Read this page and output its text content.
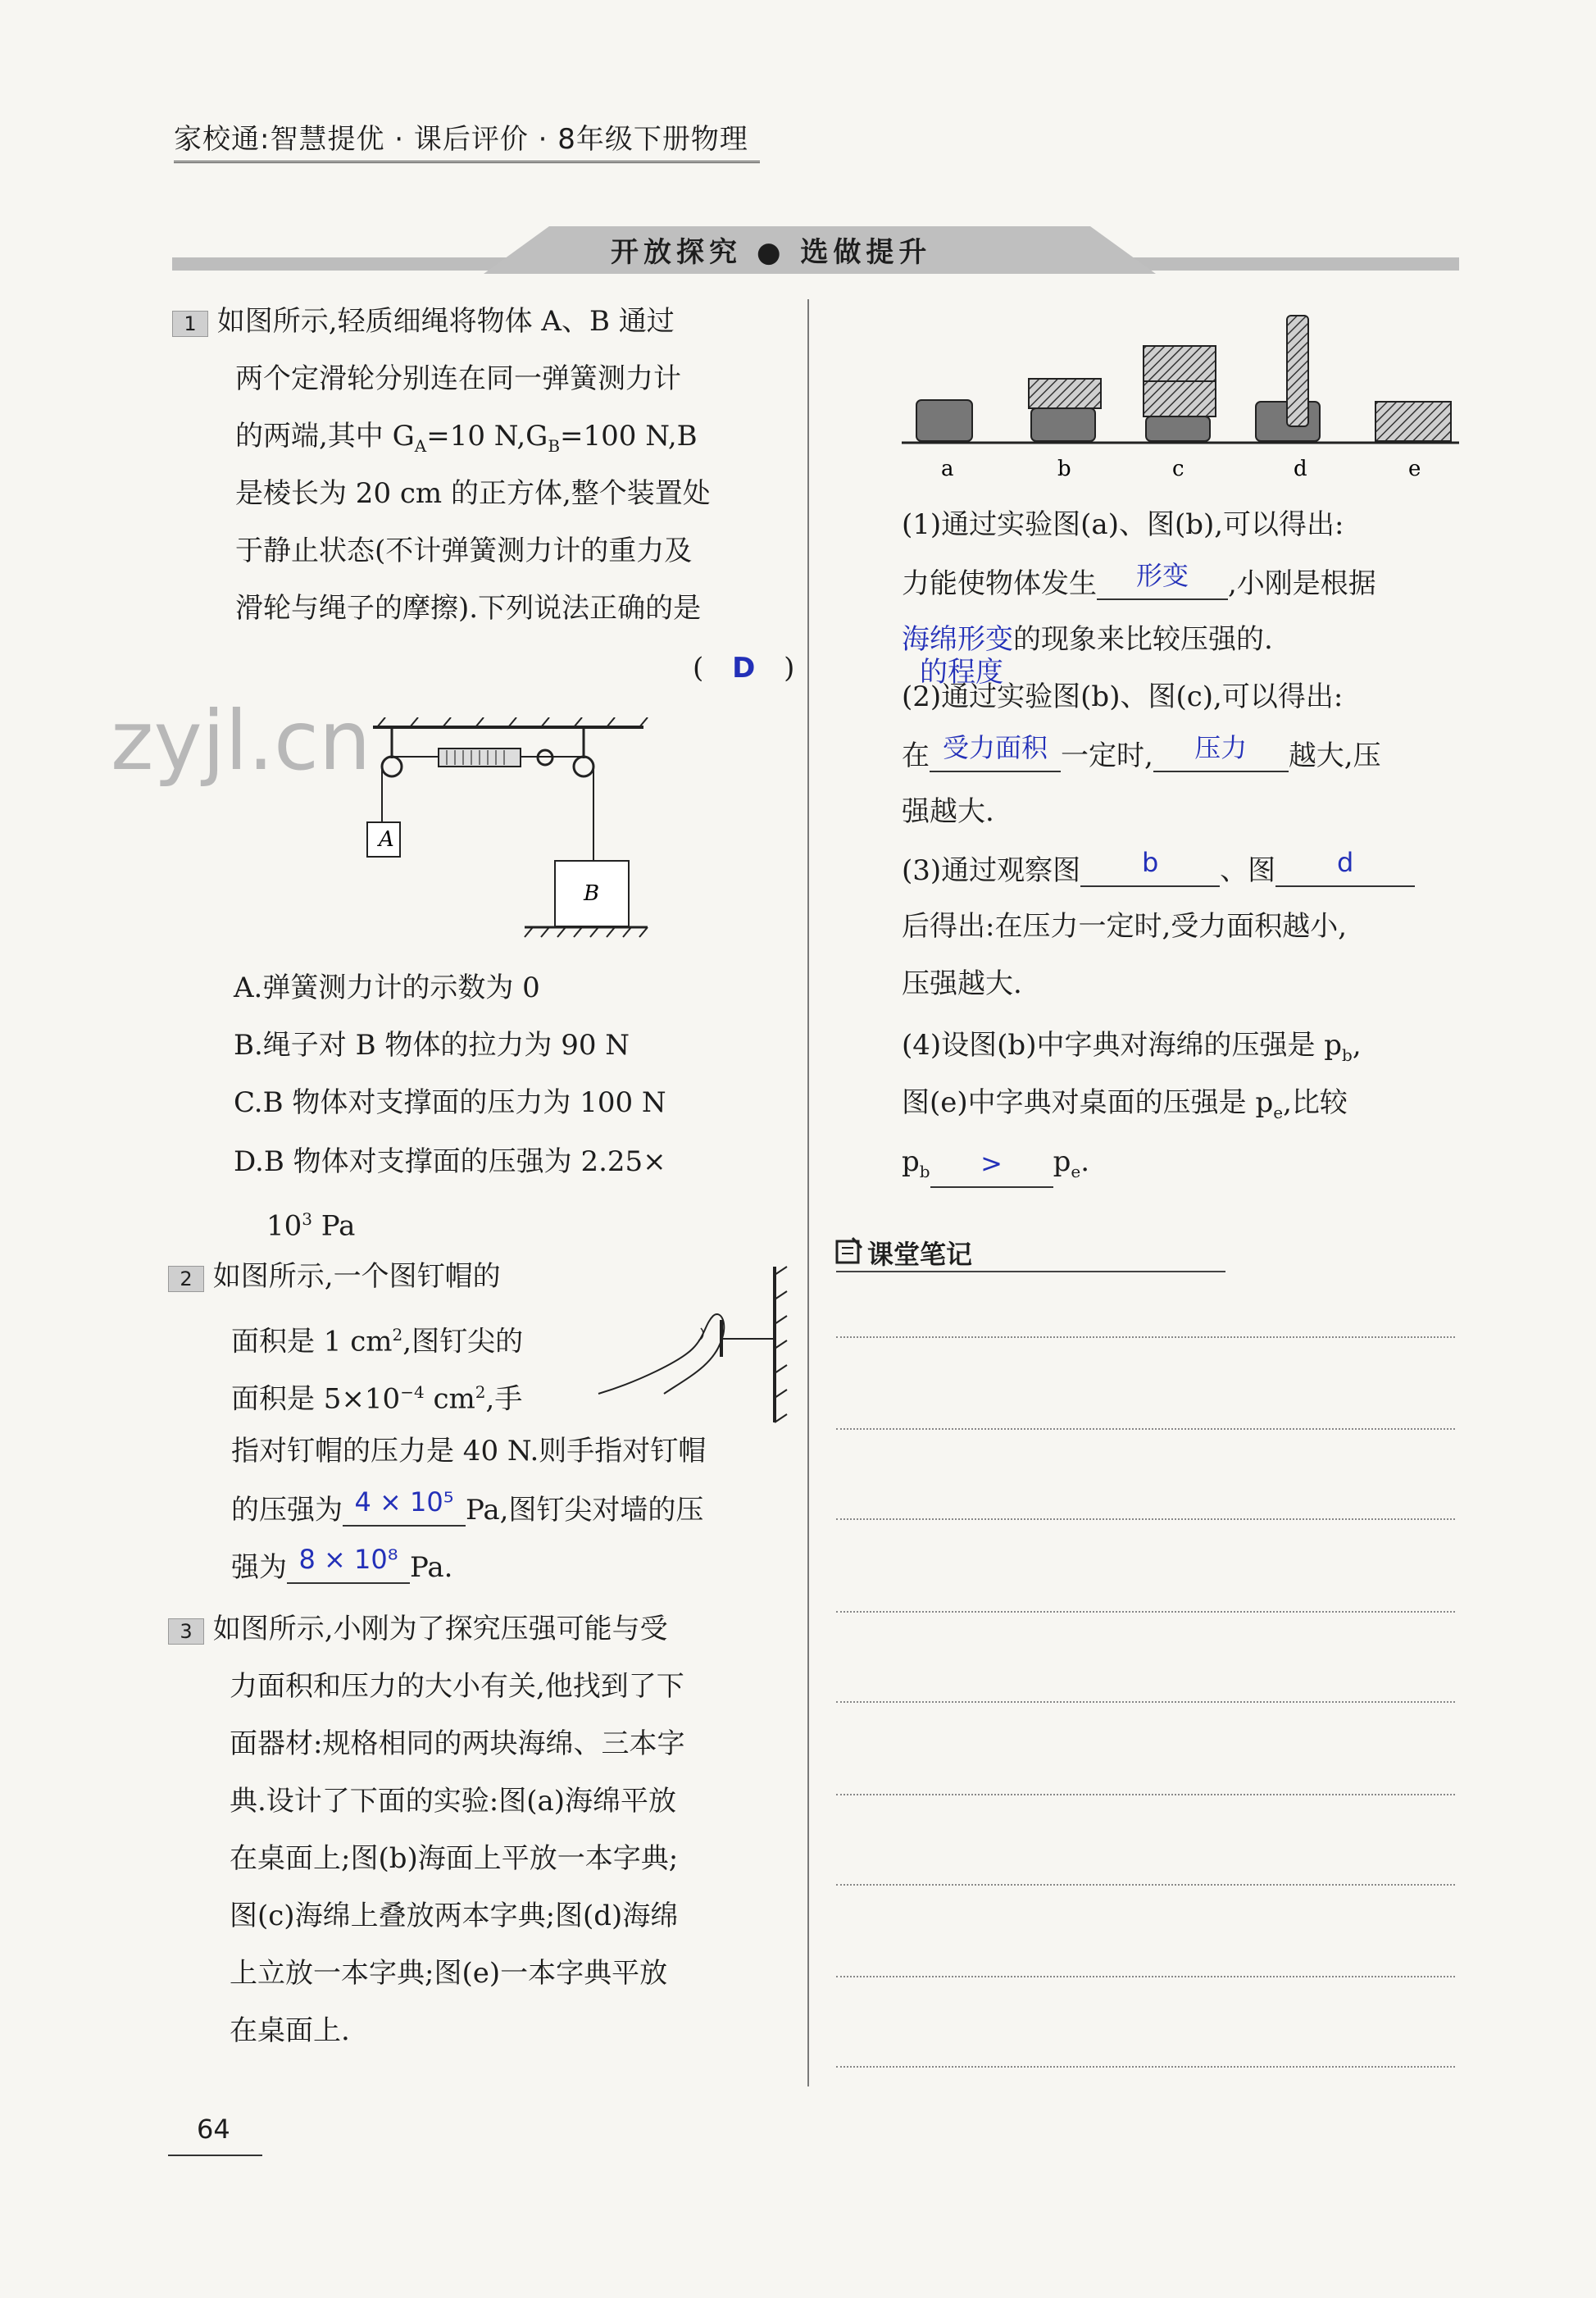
家校通:智慧提优 · 课后评价 · 8年级下册物理
开放探究 ● 选做提升
zyjl.cn
1 如图所示,轻质细绳将物体 A、B 通过
两个定滑轮分别连在同一弹簧测力计
的两端,其中 $G_A=10$ $N,G_B=100$ N,B
是棱长为 20 cm 的正方体,整个装置处
于静止状态(不计弹簧测力计的重力及
滑轮与绳子的摩擦).下列说法正确的是
( D )
A
B
A.弹簧测力计的示数为 0
B.绳子对 B 物体的拉力为 90 N
C.B 物体对支撑面的压力为 100 N
D.B 物体对支撑面的压强为 2.25×
$10^3$ Pa
2 如图所示,一个图钉帽的
面积是 1 $cm^2$,图钉尖的
面积是 $5\times 10^{-4}$ $cm^2$,手
指对钉帽的压力是 40 N.则手指对钉帽
的压强为 4 × 10⁵ Pa,图钉尖对墙的压
强为 8 × 10⁸ Pa.
3 如图所示,小刚为了探究压强可能与受
力面积和压力的大小有关,他找到了下
面器材:规格相同的两块海绵、三本字
典.设计了下面的实验:图(a)海绵平放
在桌面上;图(b)海面上平放一本字典;
图(c)海绵上叠放两本字典;图(d)海绵
上立放一本字典;图(e)一本字典平放
在桌面上.
a	b	c	d	e
(1)通过实验图(a)、图(b),可以得出:
力能使物体发生 形变 ,小刚是根据
海绵形变的现象来比较压强的.
的程度
(2)通过实验图(b)、图(c),可以得出:
在 受力面积 一定时, 压力 越大,压
强越大.
(3)通过观察图 b 、图 d
后得出:在压力一定时,受力面积越小,
压强越大.
(4)设图(b)中字典对海绵的压强是 $p_b$,
图(e)中字典对桌面的压强是 $p_e$,比较
$p_b > p_e$.
课堂笔记
64
